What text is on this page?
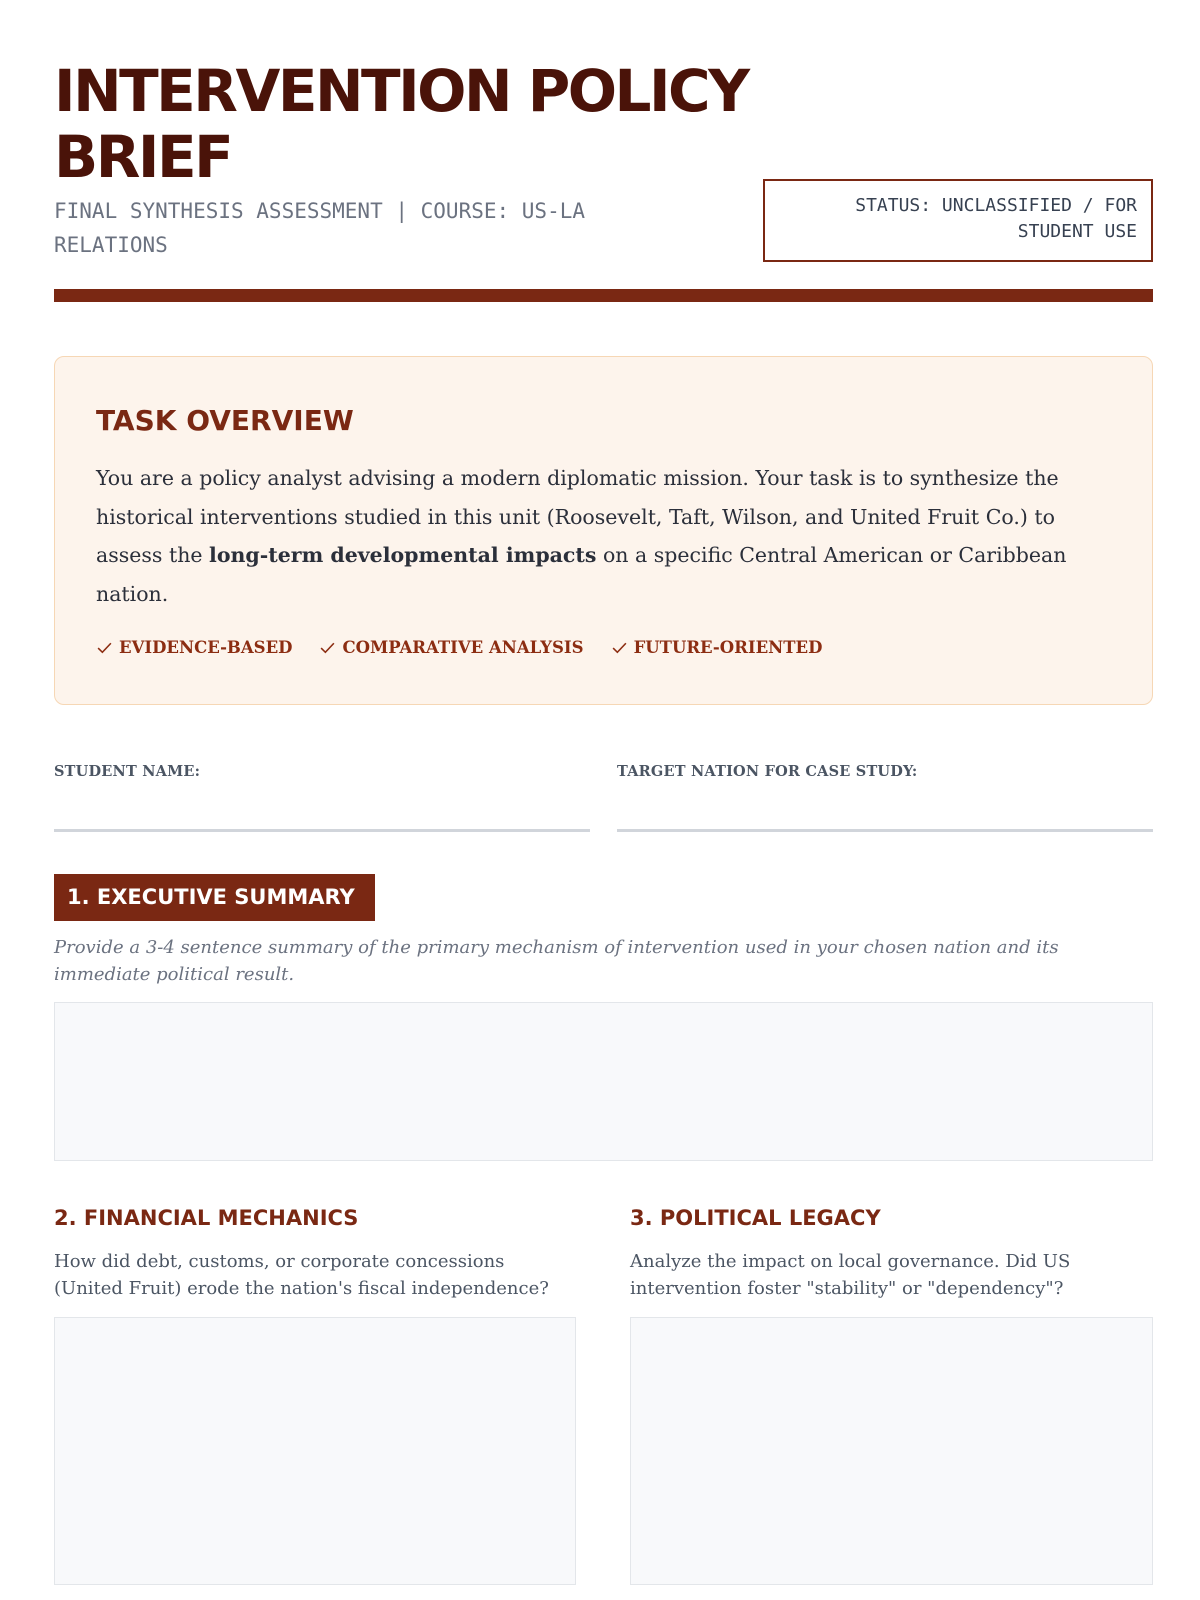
INTERVENTION POLICY BRIEF
FINAL SYNTHESIS ASSESSMENT | COURSE: US-LA RELATIONS
STATUS: UNCLASSIFIED / FOR STUDENT USE
TASK OVERVIEW
You are a policy analyst advising a modern diplomatic mission. Your task is to synthesize the historical interventions studied in this unit (Roosevelt, Taft, Wilson, and United Fruit Co.) to assess the long-term developmental impacts on a specific Central American or Caribbean nation.
EVIDENCE-BASED	COMPARATIVE ANALYSIS	FUTURE-ORIENTED
STUDENT NAME:	TARGET NATION FOR CASE STUDY:
1. EXECUTIVE SUMMARY
Provide a 3-4 sentence summary of the primary mechanism of intervention used in your chosen nation and its immediate political result.
2. FINANCIAL MECHANICS
How did debt, customs, or corporate concessions (United Fruit) erode the nation's fiscal independence?
3. POLITICAL LEGACY
Analyze the impact on local governance. Did US intervention foster "stability" or "dependency"?
